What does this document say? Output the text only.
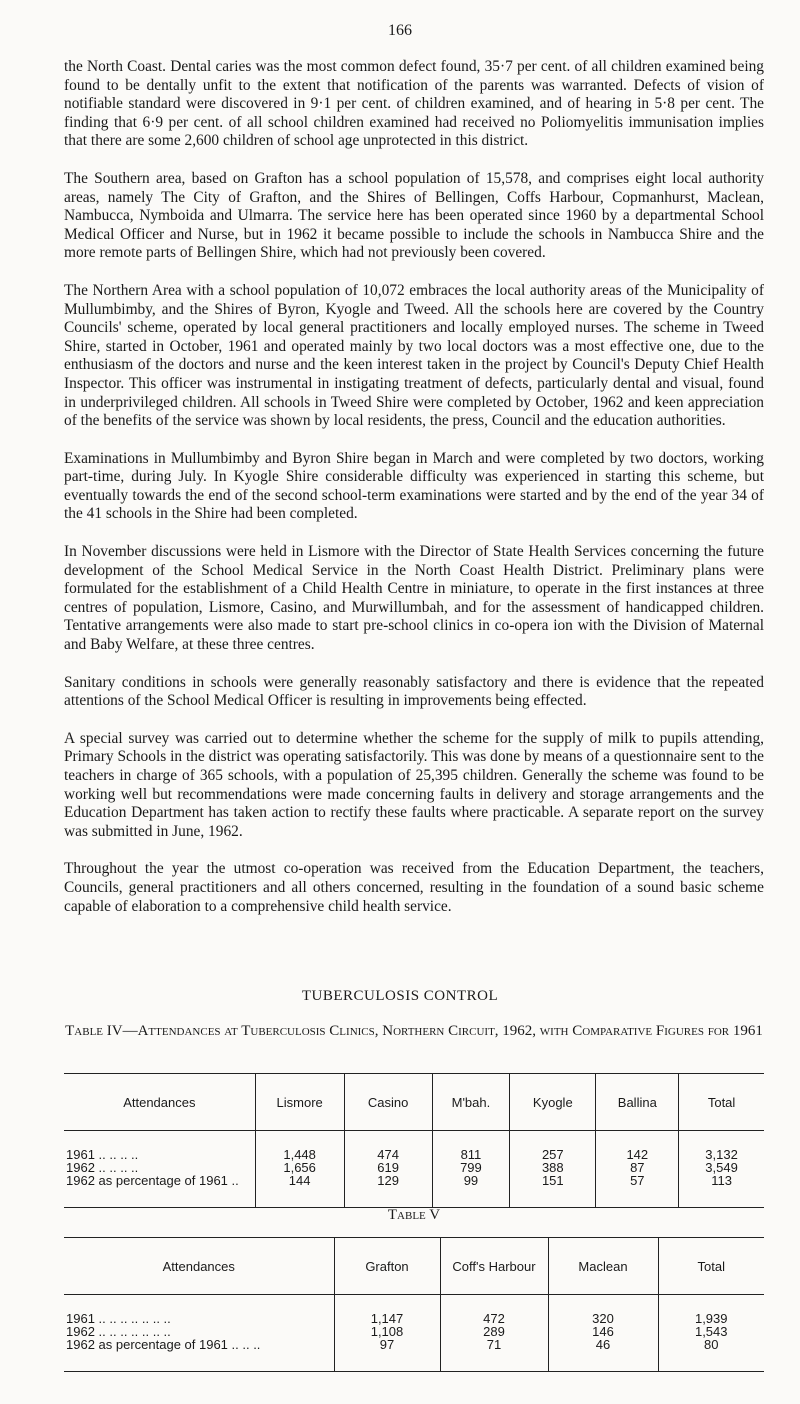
166

the North Coast. Dental caries was the most common defect found, 35·7 per cent. of all children examined being found to be dentally unfit to the extent that notification of the parents was warranted. Defects of vision of notifiable standard were discovered in 9·1 per cent. of children examined, and of hearing in 5·8 per cent. The finding that 6·9 per cent. of all school children examined had received no Poliomyelitis immunisation implies that there are some 2,600 children of school age unprotected in this district.

The Southern area, based on Grafton has a school population of 15,578, and comprises eight local authority areas, namely The City of Grafton, and the Shires of Bellingen, Coffs Harbour, Copmanhurst, Maclean, Nambucca, Nymboida and Ulmarra. The service here has been operated since 1960 by a departmental School Medical Officer and Nurse, but in 1962 it became possible to include the schools in Nambucca Shire and the more remote parts of Bellingen Shire, which had not previously been covered.

The Northern Area with a school population of 10,072 embraces the local authority areas of the Municipality of Mullumbimby, and the Shires of Byron, Kyogle and Tweed. All the schools here are covered by the Country Councils' scheme, operated by local general practitioners and locally employed nurses. The scheme in Tweed Shire, started in October, 1961 and operated mainly by two local doctors was a most effective one, due to the enthusiasm of the doctors and nurse and the keen interest taken in the project by Council's Deputy Chief Health Inspector. This officer was instrumental in instigating treatment of defects, particularly dental and visual, found in underprivileged children. All schools in Tweed Shire were completed by October, 1962 and keen appreciation of the benefits of the service was shown by local residents, the press, Council and the education authorities.

Examinations in Mullumbimby and Byron Shire began in March and were completed by two doctors, working part-time, during July. In Kyogle Shire considerable difficulty was experienced in starting this scheme, but eventually towards the end of the second school-term examinations were started and by the end of the year 34 of the 41 schools in the Shire had been completed.

In November discussions were held in Lismore with the Director of State Health Services concerning the future development of the School Medical Service in the North Coast Health District. Preliminary plans were formulated for the establishment of a Child Health Centre in miniature, to operate in the first instances at three centres of population, Lismore, Casino, and Murwillumbah, and for the assessment of handicapped children. Tentative arrangements were also made to start pre-school clinics in co-opera ion with the Division of Maternal and Baby Welfare, at these three centres.

Sanitary conditions in schools were generally reasonably satisfactory and there is evidence that the repeated attentions of the School Medical Officer is resulting in improvements being effected.

A special survey was carried out to determine whether the scheme for the supply of milk to pupils attending, Primary Schools in the district was operating satisfactorily. This was done by means of a questionnaire sent to the teachers in charge of 365 schools, with a population of 25,395 children. Generally the scheme was found to be working well but recommendations were made concerning faults in delivery and storage arrangements and the Education Department has taken action to rectify these faults where practicable. A separate report on the survey was submitted in June, 1962.

Throughout the year the utmost co-operation was received from the Education Department, the teachers, Councils, general practitioners and all others concerned, resulting in the foundation of a sound basic scheme capable of elaboration to a comprehensive child health service.

TUBERCULOSIS CONTROL
Table IV—Attendances at Tuberculosis Clinics, Northern Circuit, 1962, with Comparative Figures for 1961
Attendances	Lismore	Casino	M'bah.	Kyogle	Ballina	Total
1961 .. .. .. ..	1,448	474	811	257	142	3,132
1962 .. .. .. ..	1,656	619	799	388	87	3,549
1962 as percentage of 1961 ..	144	129	99	151	57	113
Table V
Attendances	Grafton	Coff's Harbour	Maclean	Total
1961 .. .. .. .. .. .. ..	1,147	472	320	1,939
1962 .. .. .. .. .. .. ..	1,108	289	146	1,543
1962 as percentage of 1961 .. .. ..	97	71	46	80
